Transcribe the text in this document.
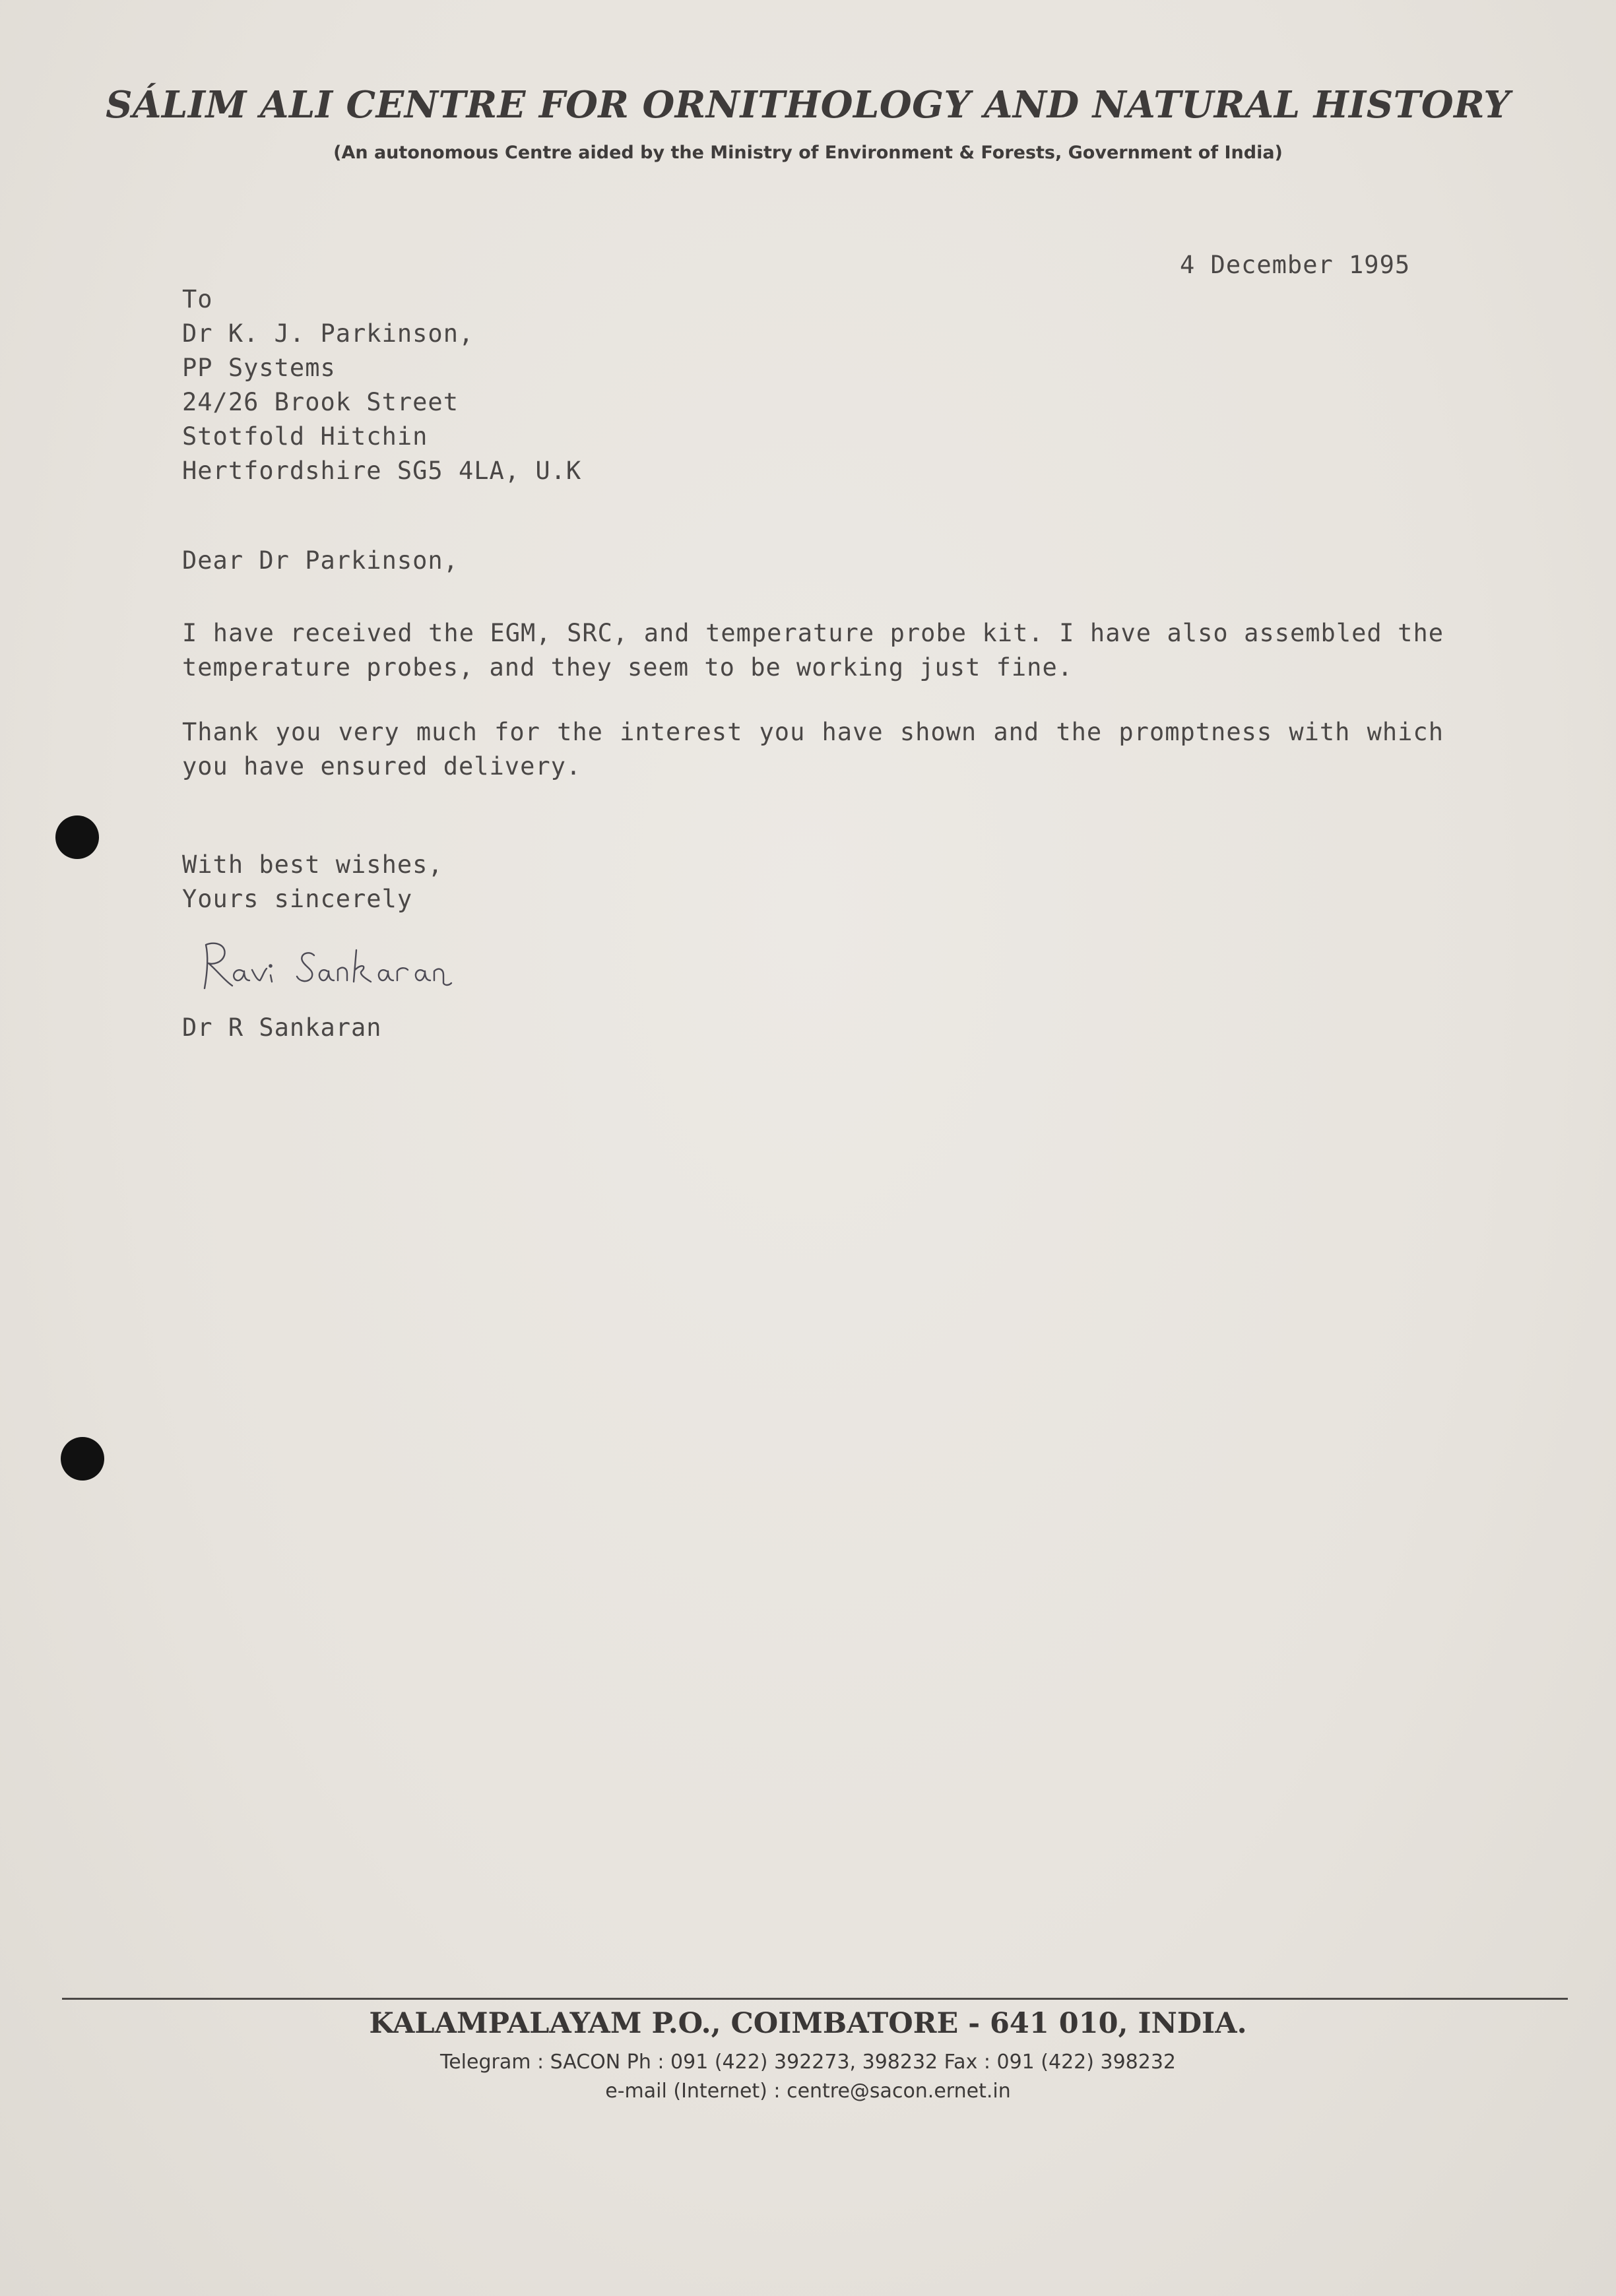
SÁLIM ALI CENTRE FOR ORNITHOLOGY AND NATURAL HISTORY
(An autonomous Centre aided by the Ministry of Environment & Forests, Government of India)
4 December 1995
To
Dr K. J. Parkinson,
PP Systems
24/26 Brook Street
Stotfold Hitchin
Hertfordshire SG5 4LA, U.K
Dear Dr Parkinson,
I have received the EGM, SRC, and temperature probe kit. I have also assembled the temperature probes, and they seem to be working just fine.
Thank you very much for the interest you have shown and the promptness with which you have ensured delivery.
With best wishes,
Yours sincerely
Dr R Sankaran
KALAMPALAYAM P.O., COIMBATORE - 641 010, INDIA.
Telegram : SACON Ph : 091 (422) 392273, 398232 Fax : 091 (422) 398232
e-mail (Internet) : centre@sacon.ernet.in
